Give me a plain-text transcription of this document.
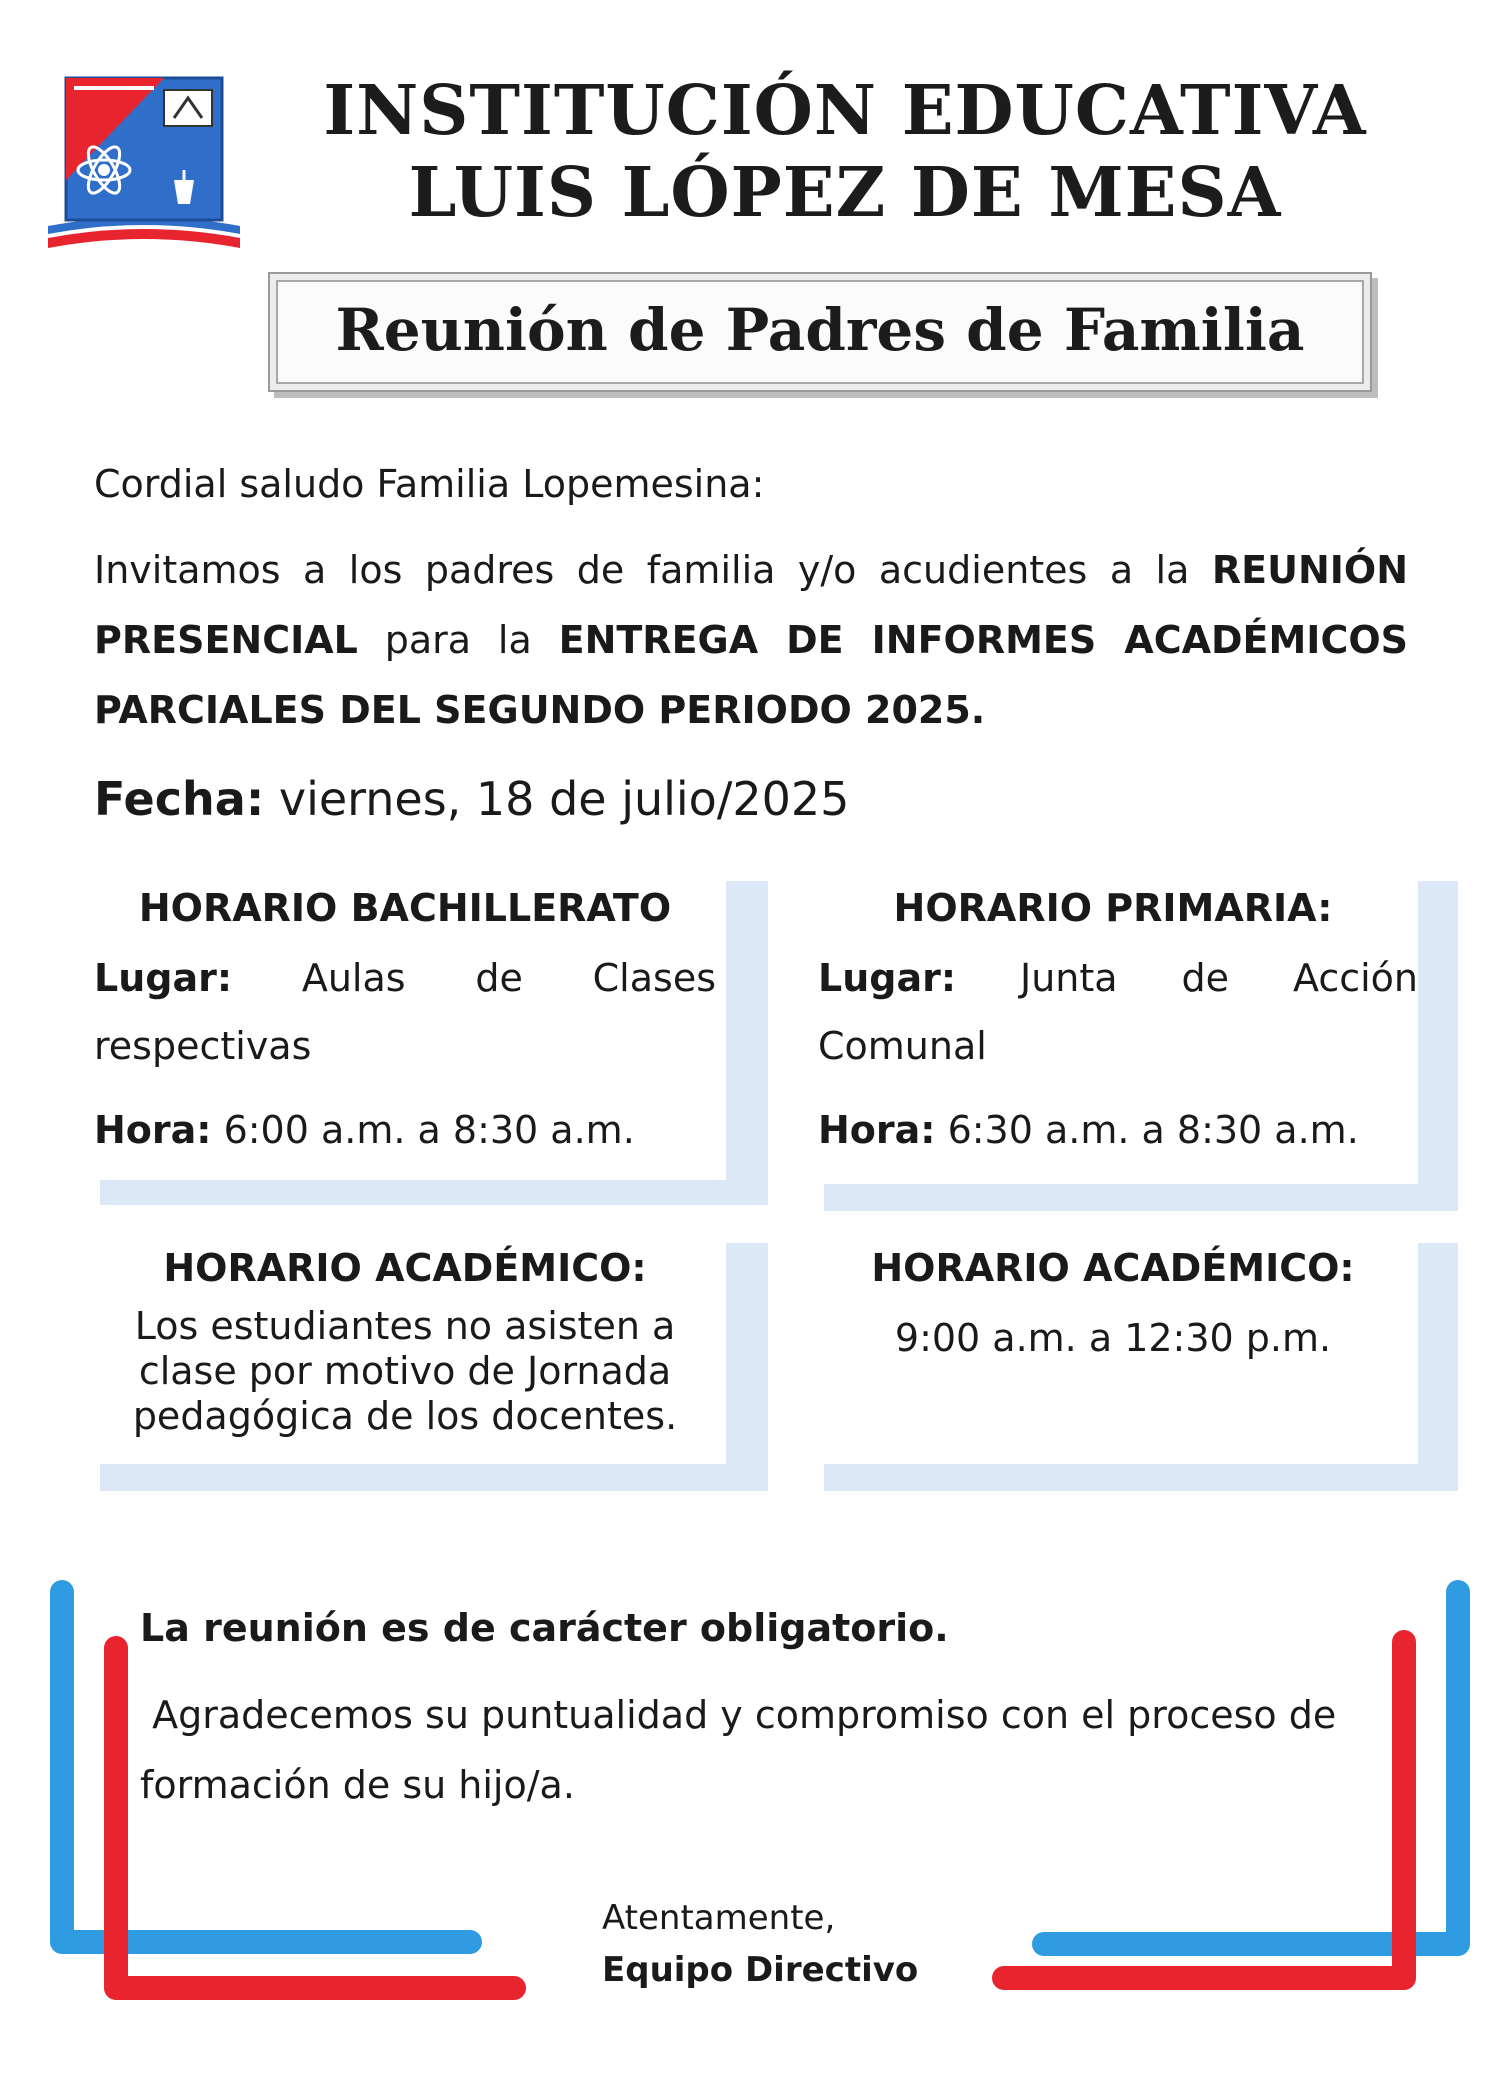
INSTITUCIÓN EDUCATIVA
LUIS LÓPEZ DE MESA
Reunión de Padres de Familia
Cordial saludo Familia Lopemesina:
Invitamos a los padres de familia y/o acudientes a la REUNIÓN PRESENCIAL para la ENTREGA DE INFORMES ACADÉMICOS PARCIALES DEL SEGUNDO PERIODO 2025.
Fecha: viernes, 18 de julio/2025
HORARIO BACHILLERATO
Lugar: Aulas de Clases respectivas
Hora: 6:00 a.m. a 8:30 a.m.
HORARIO PRIMARIA:
Lugar: Junta de Acción Comunal
Hora: 6:30 a.m. a 8:30 a.m.
HORARIO ACADÉMICO:
Los estudiantes no asisten a clase por motivo de Jornada pedagógica de los docentes.
HORARIO ACADÉMICO:
9:00 a.m. a 12:30 p.m.
La reunión es de carácter obligatorio.
Agradecemos su puntualidad y compromiso con el proceso de formación de su hijo/a.
Atentamente,
Equipo Directivo
